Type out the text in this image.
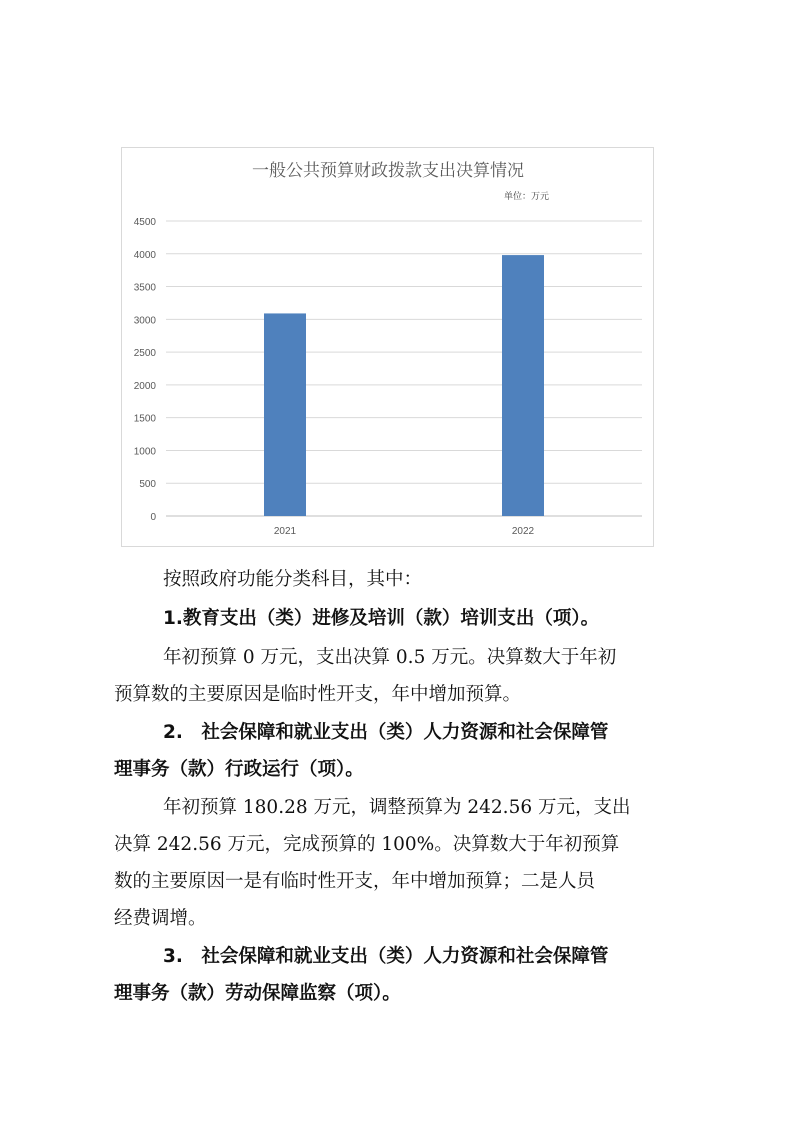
一般公共预算财政拨款支出决算情况
单位：万元
0
500
1000
1500
2000
2500
3000
3500
4000
4500
2021	2022

按照政府功能分类科目，其中：

1.教育支出（类）进修及培训（款）培训支出（项）。

年初预算 0 万元，支出决算 0.5 万元。决算数大于年初

预算数的主要原因是临时性开支，年中增加预算。

2.　社会保障和就业支出（类）人力资源和社会保障管

理事务（款）行政运行（项）。

年初预算 180.28 万元，调整预算为 242.56 万元，支出

决算 242.56 万元，完成预算的 100%。决算数大于年初预算

数的主要原因一是有临时性开支，年中增加预算；二是人员

经费调增。

3.　社会保障和就业支出（类）人力资源和社会保障管

理事务（款）劳动保障监察（项）。
